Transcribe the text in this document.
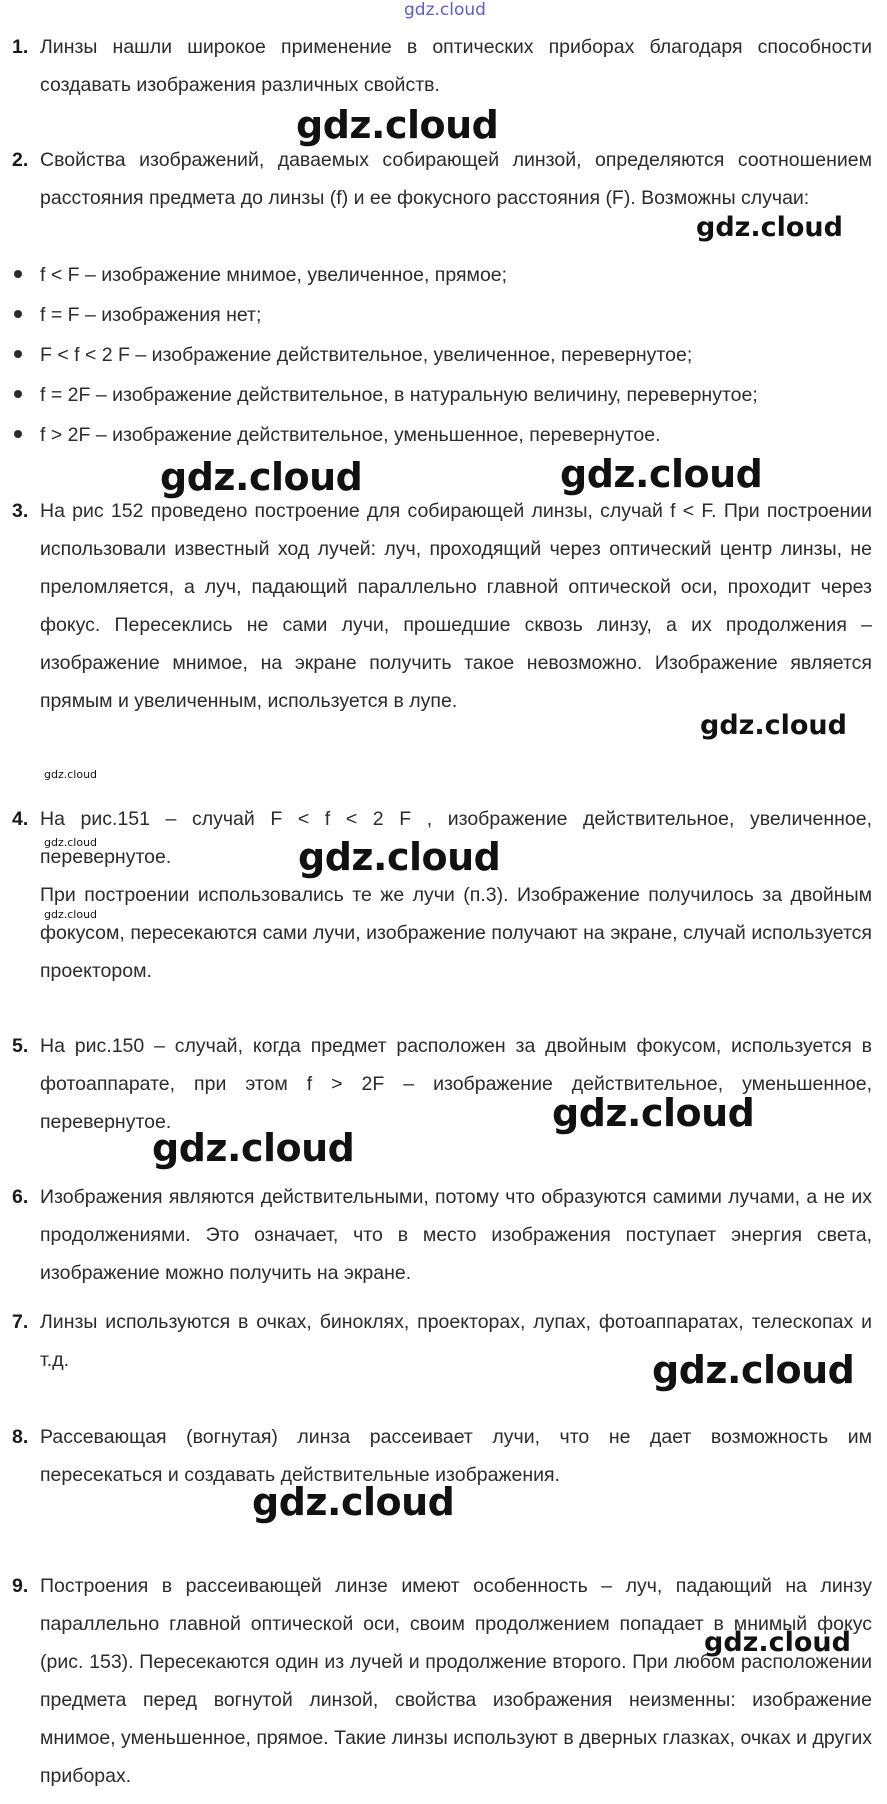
gdz.cloud
1. Линзы нашли широкое применение в оптических приборах благодаря способности создавать изображения различных свойств.

2. Свойства изображений, даваемых собирающей линзой, определяются соотношением расстояния предмета до линзы (f) и ее фокусного расстояния (F). Возможны случаи:

f < F – изображение мнимое, увеличенное, прямое;
f = F – изображения нет;
F < f < 2 F – изображение действительное, увеличенное, перевернутое;
f = 2F – изображение действительное, в натуральную величину, перевернутое;
f > 2F – изображение действительное, уменьшенное, перевернутое.
3. На рис 152 проведено построение для собирающей линзы, случай f < F. При построении использовали известный ход лучей: луч, проходящий через оптический центр линзы, не преломляется, а луч, падающий параллельно главной оптической оси, проходит через фокус. Пересеклись не сами лучи, прошедшие сквозь линзу, а их продолжения – изображение мнимое, на экране получить такое невозможно. Изображение является прямым и увеличенным, используется в лупе.

4. На рис.151 – случай F < f < 2 F , изображение действительное, увеличенное, перевернутое.

При построении использовались те же лучи (п.3). Изображение получилось за двойным фокусом, пересекаются сами лучи, изображение получают на экране, случай используется проектором.

5. На рис.150 – случай, когда предмет расположен за двойным фокусом, используется в фотоаппарате, при этом f > 2F – изображение действительное, уменьшенное, перевернутое.

6. Изображения являются действительными, потому что образуются самими лучами, а не их продолжениями. Это означает, что в место изображения поступает энергия света, изображение можно получить на экране.

7. Линзы используются в очках, биноклях, проекторах, лупах, фотоаппаратах, телескопах и т.д.

8. Рассевающая (вогнутая) линза рассеивает лучи, что не дает возможность им пересекаться и создавать действительные изображения.

9. Построения в рассеивающей линзе имеют особенность – луч, падающий на линзу параллельно главной оптической оси, своим продолжением попадает в мнимый фокус (рис. 153). Пересекаются один из лучей и продолжение второго. При любом расположении предмета перед вогнутой линзой, свойства изображения неизменны: изображение мнимое, уменьшенное, прямое. Такие линзы используют в дверных глазках, очках и других приборах.

gdz.cloud
gdz.cloud
gdz.cloud	gdz.cloud
gdz.cloud
gdz.cloud
gdz.cloud
gdz.cloud
gdz.cloud
gdz.cloud
gdz.cloud
gdz.cloud
gdz.cloud
gdz.cloud
